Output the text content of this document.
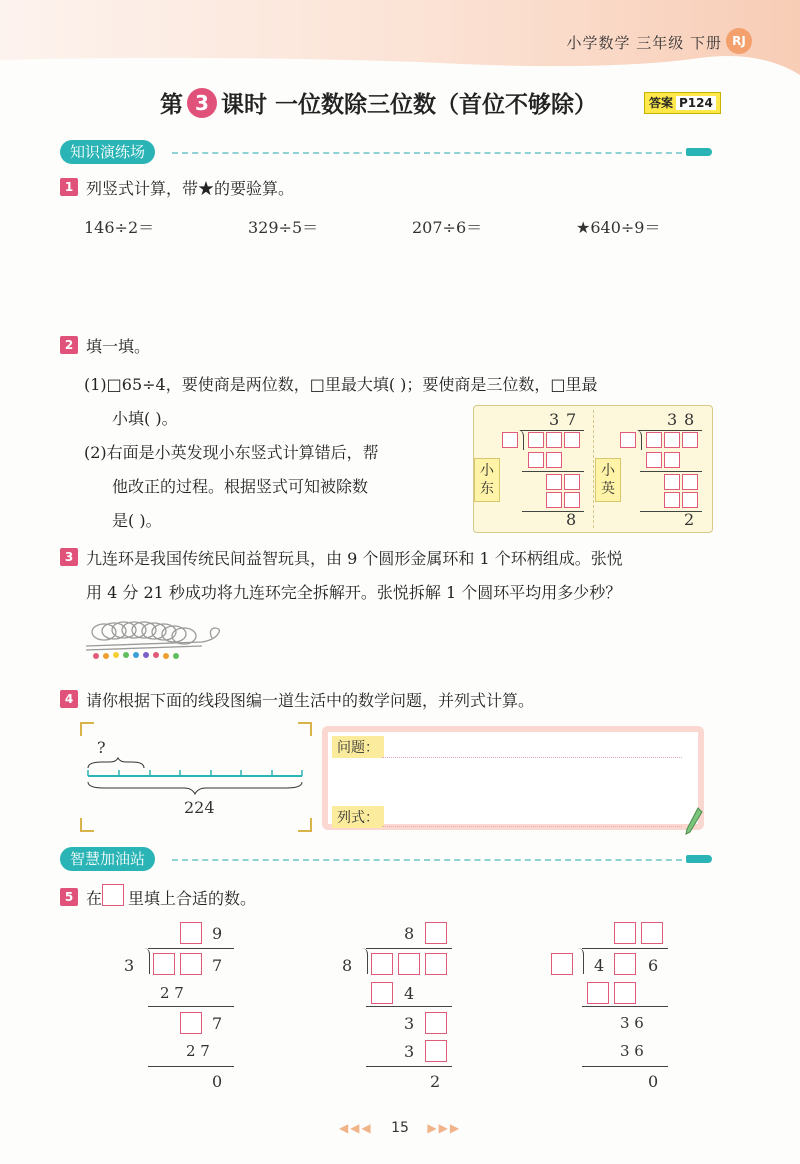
小学数学 三年级 下册 RJ
第 3 课时 一位数除三位数（首位不够除）	答案 P124
知识演练场
1 列竖式计算，带★的要验算。
146÷2＝	329÷5＝	207÷6＝	★640÷9＝
2 填一填。
(1)□65÷4，要使商是两位数，□里最大填( )；要使商是三位数，□里最
小填( )。
(2)右面是小英发现小东竖式计算错后，帮
他改正的过程。根据竖式可知被除数
是( )。
小东
小英
3 7
8
3 8
2
3 九连环是我国传统民间益智玩具，由 9 个圆形金属环和 1 个环柄组成。张悦
用 4 分 21 秒成功将九连环完全拆解开。张悦拆解 1 个圆环平均用多少秒？
4 请你根据下面的线段图编一道生活中的数学问题，并列式计算。
?
224
问题：
列式：
智慧加油站
5 在 里填上合适的数。
9
3	7
2 7
7
2 7
0
8
8
4
3
3
2
4	6
3 6
3 6
0
◀◀◀ 15 ▶▶▶
